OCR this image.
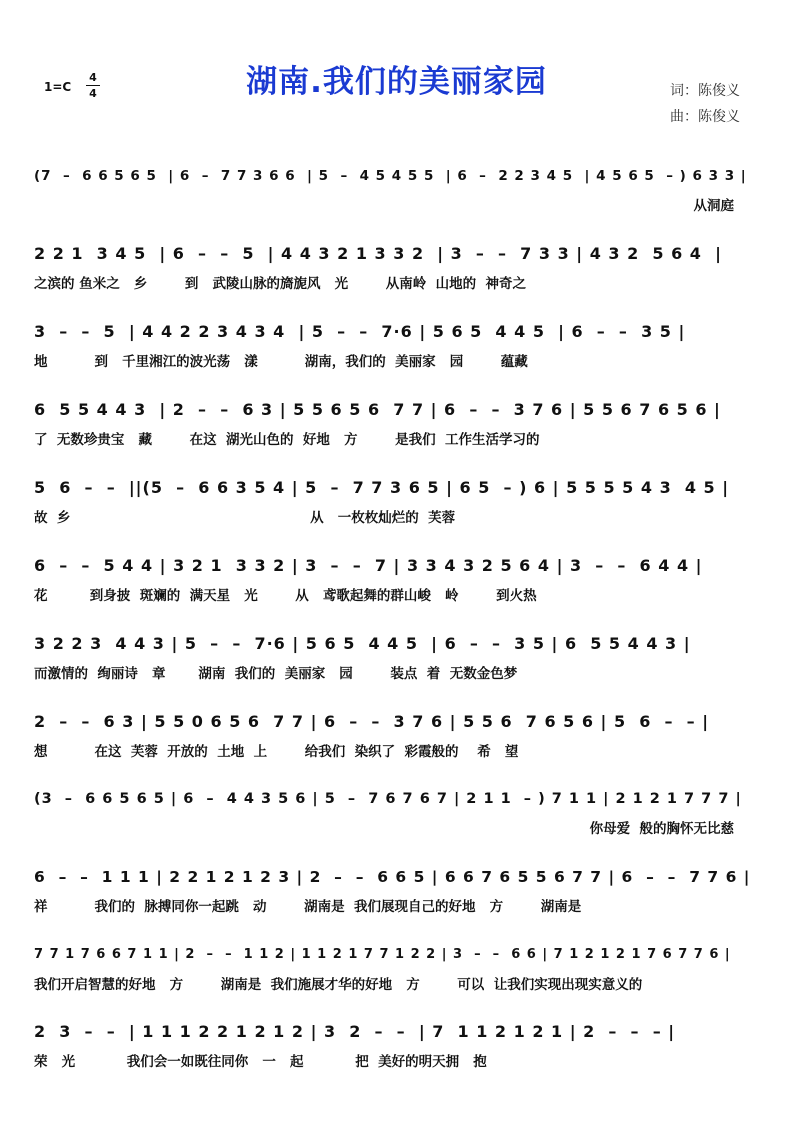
1=C
4
4	湖南.我们的美丽家园	词：陈俊义
曲：陈俊义
(7  –  6 6 5 6 5  | 6  –  7 7 3 6 6  | 5  –  4 5 4 5 5  | 6  –  2 2 3 4 5  | 4 5 6 5  – ) 6 3 3 |
从洞庭
2 2 1  3 4 5  | 6  –  –  5  | 4 4 3 2 1 3 3 2  | 3  –  –  7 3 3 | 4 3 2  5 6 4  |
之滨的 鱼米之   乡        到   武陵山脉的旖旎风   光        从南岭  山地的  神奇之
3  –  –  5  | 4 4 2 2 3 4 3 4  | 5  –  –  7·6 | 5 6 5  4 4 5  | 6  –  –  3 5 |
地          到   千里湘江的波光荡   漾          湖南，我们的  美丽家   园        蕴藏
6  5 5 4 4 3  | 2  –  –  6 3 | 5 5 6 5 6  7 7 | 6  –  –  3 7 6 | 5 5 6 7 6 5 6 |
了  无数珍贵宝   藏        在这  湖光山色的  好地   方        是我们  工作生活学习的
5  6  –  –  ||(5  –  6 6 3 5 4 | 5  –  7 7 3 6 5 | 6 5  – ) 6 | 5 5 5 5 4 3  4 5 |
故  乡                                                   从   一枚枚灿烂的  芙蓉
6  –  –  5 4 4 | 3 2 1  3 3 2 | 3  –  –  7 | 3 3 4 3 2 5 6 4 | 3  –  –  6 4 4 |
花         到身披  斑斓的  满天星   光        从   鸢歌起舞的群山峻   岭        到火热
3 2 2 3  4 4 3 | 5  –  –  7·6 | 5 6 5  4 4 5  | 6  –  –  3 5 | 6  5 5 4 4 3 |
而激情的  绚丽诗   章       湖南  我们的  美丽家   园        装点  着  无数金色梦
2  –  –  6 3 | 5 5 0 6 5 6  7 7 | 6  –  –  3 7 6 | 5 5 6  7 6 5 6 | 5  6  –  – |
想          在这  芙蓉  开放的  土地  上        给我们  染织了  彩霞般的    希   望
(3  –  6 6 5 6 5 | 6  –  4 4 3 5 6 | 5  –  7 6 7 6 7 | 2 1 1  – ) 7 1 1 | 2 1 2 1 7 7 7 |
你母爱  般的胸怀无比慈
6  –  –  1 1 1 | 2 2 1 2 1 2 3 | 2  –  –  6 6 5 | 6 6 7 6 5 5 6 7 7 | 6  –  –  7 7 6 |
祥          我们的  脉搏同你一起跳   动        湖南是  我们展现自己的好地   方        湖南是
7 7 1 7 6 6 7 1 1 | 2  –  –  1 1 2 | 1 1 2 1 7 7 1 2 2 | 3  –  –  6 6 | 7 1 2 1 2 1 7 6 7 7 6 |
我们开启智慧的好地   方        湖南是  我们施展才华的好地   方        可以  让我们实现出现实意义的
2  3  –  –  | 1 1 1 2 2 1 2 1 2 | 3  2  –  –  | 7  1 1 2 1 2 1 | 2  –  –  – |
荣   光           我们会一如既往同你   一   起           把  美好的明天拥   抱
